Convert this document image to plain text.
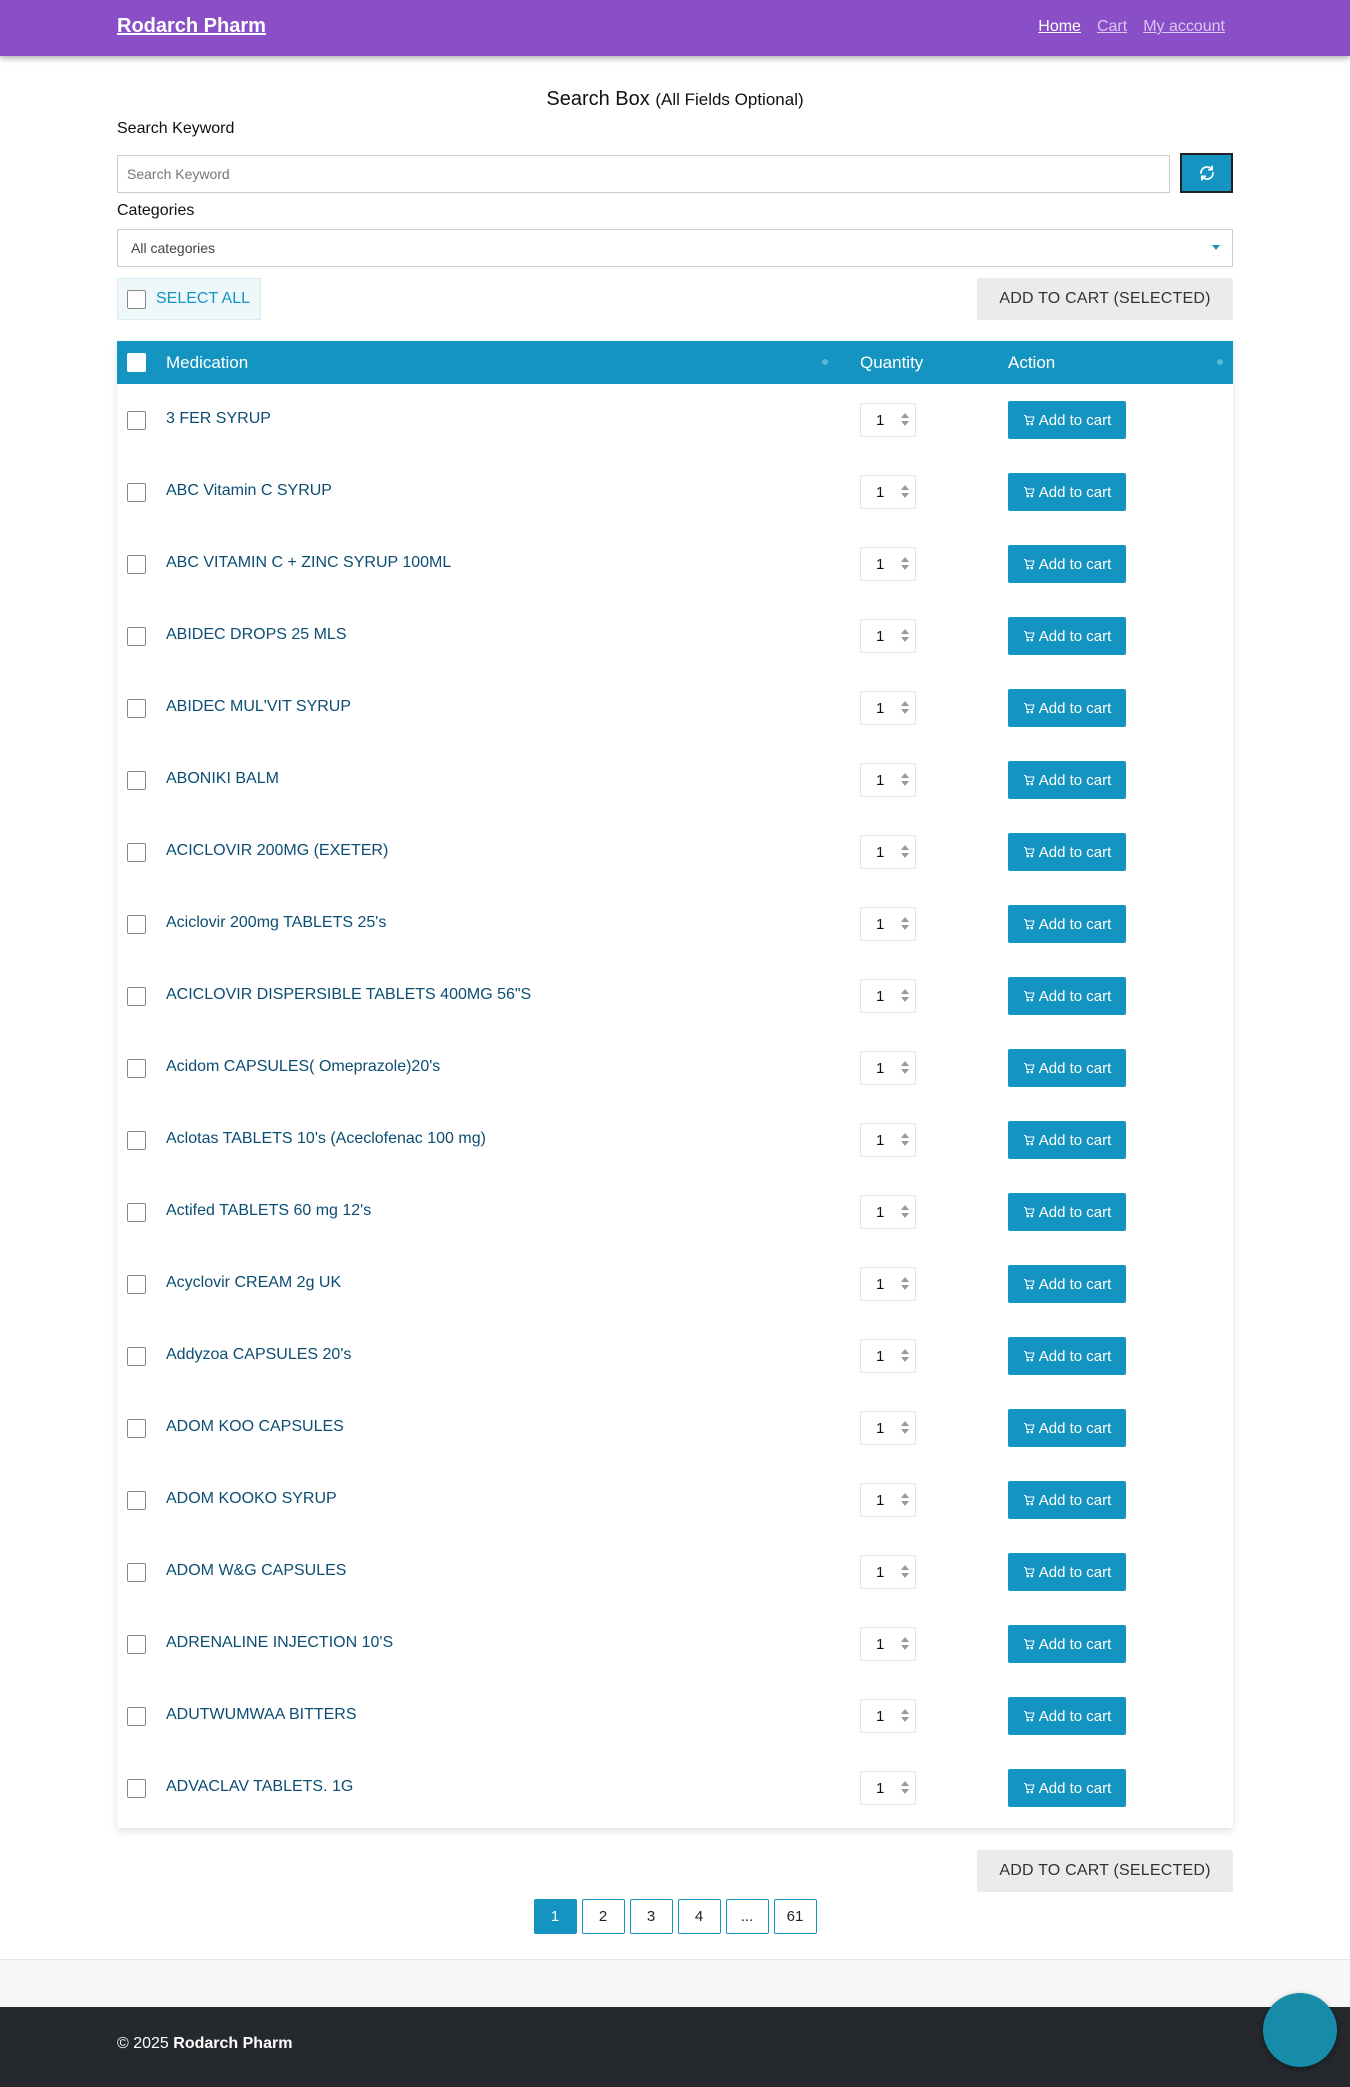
Rodarch Pharm	Home Cart My account
Search Box (All Fields Optional)
Search Keyword
Search Keyword
Categories
All categories
SELECT ALL	ADD TO CART (SELECTED)
Medication	Quantity	Action
3 FER SYRUP	1	Add to cart
ABC Vitamin C SYRUP	1	Add to cart
ABC VITAMIN C + ZINC SYRUP 100ML	1	Add to cart
ABIDEC DROPS 25 MLS	1	Add to cart
ABIDEC MUL'VIT SYRUP	1	Add to cart
ABONIKI BALM	1	Add to cart
ACICLOVIR 200MG (EXETER)	1	Add to cart
Aciclovir 200mg TABLETS 25's	1	Add to cart
ACICLOVIR DISPERSIBLE TABLETS 400MG 56"S	1	Add to cart
Acidom CAPSULES( Omeprazole)20's	1	Add to cart
Aclotas TABLETS 10's (Aceclofenac 100 mg)	1	Add to cart
Actifed TABLETS 60 mg 12's	1	Add to cart
Acyclovir CREAM 2g UK	1	Add to cart
Addyzoa CAPSULES 20's	1	Add to cart
ADOM KOO CAPSULES	1	Add to cart
ADOM KOOKO SYRUP	1	Add to cart
ADOM W&G CAPSULES	1	Add to cart
ADRENALINE INJECTION 10'S	1	Add to cart
ADUTWUMWAA BITTERS	1	Add to cart
ADVACLAV TABLETS. 1G	1	Add to cart
ADD TO CART (SELECTED)
1	2	3	4	...	61
© 2025 Rodarch Pharm
